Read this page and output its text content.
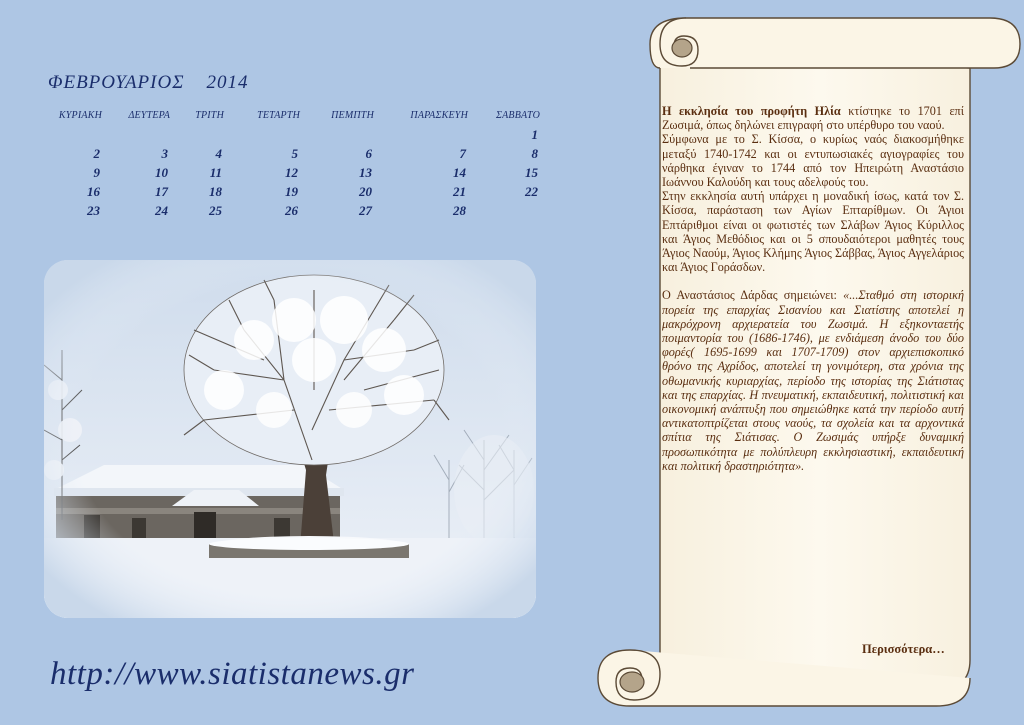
ΦΕΒΡΟΥΑΡΙΟΣ 2014
ΚΥΡΙΑΚΗ	ΔΕΥΤΕΡΑ	ΤΡΙΤΗ	ΤΕΤΑΡΤΗ	ΠΕΜΠΤΗ	ΠΑΡΑΣΚΕΥΗ	ΣΑΒΒΑΤΟ
						1
2	3	4	5	6	7	8
9	10	11	12	13	14	15
16	17	18	19	20	21	22
23	24	25	26	27	28	
http://www.siatistanews.gr

Η εκκλησία του προφήτη Ηλία κτίστηκε το 1701 επί Ζωσιμά, όπως δηλώνει επιγραφή στο υπέρθυρο του ναού.

Σύμφωνα με το Σ. Κίσσα, ο κυρίως ναός διακοσμήθηκε μεταξύ 1740-1742 και οι εντυπωσιακές αγιογραφίες του νάρθηκα έγιναν το 1744 από τον Ηπειρώτη Αναστάσιο Ιωάννου Καλούδη και τους αδελφούς του.

Στην εκκλησία αυτή υπάρχει η μοναδική ίσως, κατά τον Σ. Κίσσα, παράσταση των Αγίων Επταρίθμων. Οι Άγιοι Επτάριθμοι είναι οι φωτιστές των Σλάβων Άγιος Κύριλλος και Άγιος Μεθόδιος και οι 5 σπουδαιότεροι μαθητές τους Άγιος Ναούμ, Άγιος Κλήμης Άγιος Σάββας, Άγιος Αγγελάριος και Άγιος Γοράσδων.

Ο Αναστάσιος Δάρδας σημειώνει: «...Σταθμό στη ιστορική πορεία της επαρχίας Σισανίου και Σιατίστης αποτελεί η μακρόχρονη αρχιερατεία του Ζωσιμά. Η εξηκονταετής ποιμαντορία του (1686-1746), με ενδιάμεση άνοδο του δύο φορές( 1695-1699 και 1707-1709) στον αρχιεπισκοπικό θρόνο της Αχρίδος, αποτελεί τη γονιμότερη, στα χρόνια της οθωμανικής κυριαρχίας, περίοδο της ιστορίας της Σιάτιστας και της επαρχίας. Η πνευματική, εκπαιδευτική, πολιτιστική και οικονομική ανάπτυξη που σημειώθηκε κατά την περίοδο αυτή αντικατοπτρίζεται στους ναούς, τα σχολεία και τα αρχοντικά σπίτια της Σιάτισας. Ο Ζωσιμάς υπήρξε δυναμική προσωπικότητα με πολύπλευρη εκκλησιαστική, εκπαιδευτική και πολιτική δραστηριότητα».

Περισσότερα…
